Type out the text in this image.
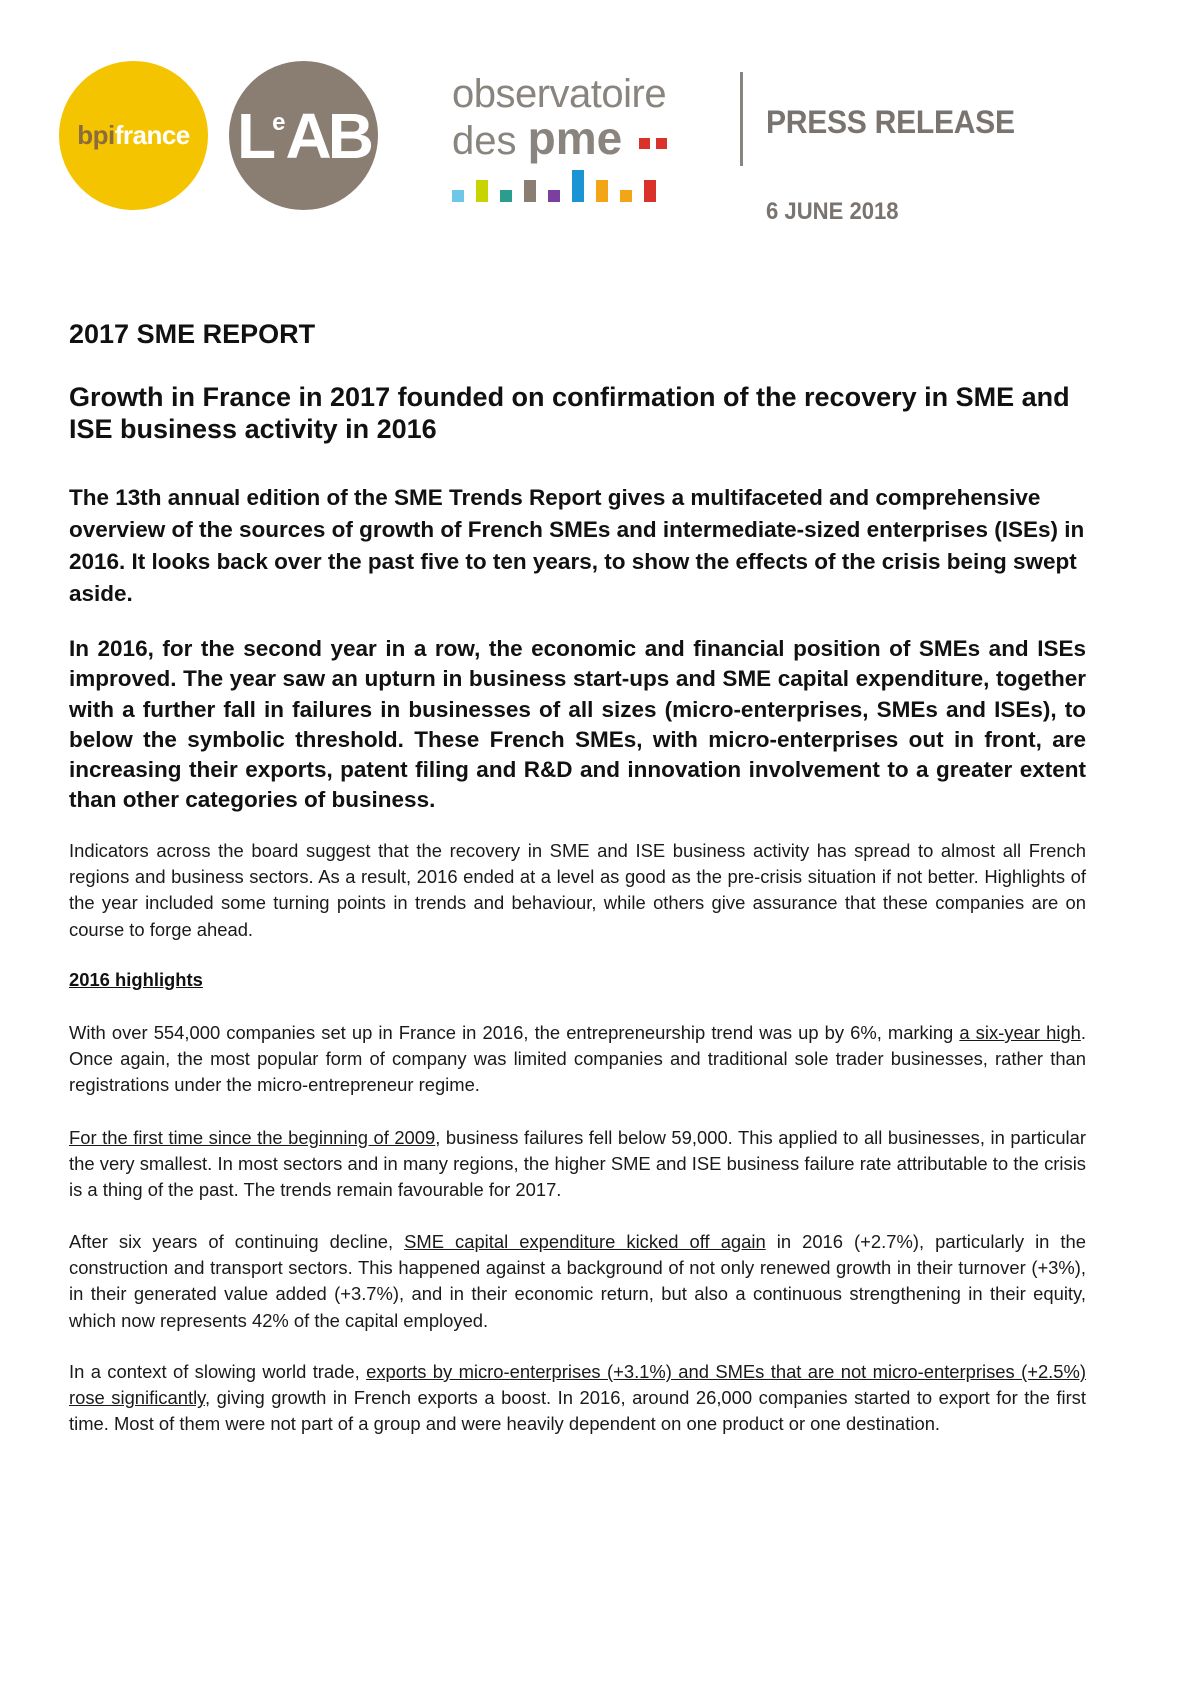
bpifrance LeAB
observatoire
des pme	PRESS RELEASE
6 JUNE 2018
2017 SME REPORT
Growth in France in 2017 founded on confirmation of the recovery in SME and ISE business activity in 2016
The 13th annual edition of the SME Trends Report gives a multifaceted and comprehensive overview of the sources of growth of French SMEs and intermediate-sized enterprises (ISEs) in 2016. It looks back over the past five to ten years, to show the effects of the crisis being swept aside.
In 2016, for the second year in a row, the economic and financial position of SMEs and ISEs improved. The year saw an upturn in business start-ups and SME capital expenditure, together with a further fall in failures in businesses of all sizes (micro-enterprises, SMEs and ISEs), to below the symbolic threshold. These French SMEs, with micro-enterprises out in front, are increasing their exports, patent filing and R&D and innovation involvement to a greater extent than other categories of business.
Indicators across the board suggest that the recovery in SME and ISE business activity has spread to almost all French regions and business sectors. As a result, 2016 ended at a level as good as the pre-crisis situation if not better. Highlights of the year included some turning points in trends and behaviour, while others give assurance that these companies are on course to forge ahead.
2016 highlights
With over 554,000 companies set up in France in 2016, the entrepreneurship trend was up by 6%, marking a six-year high. Once again, the most popular form of company was limited companies and traditional sole trader businesses, rather than registrations under the micro-entrepreneur regime.
For the first time since the beginning of 2009, business failures fell below 59,000. This applied to all businesses, in particular the very smallest. In most sectors and in many regions, the higher SME and ISE business failure rate attributable to the crisis is a thing of the past. The trends remain favourable for 2017.
After six years of continuing decline, SME capital expenditure kicked off again in 2016 (+2.7%), particularly in the construction and transport sectors. This happened against a background of not only renewed growth in their turnover (+3%), in their generated value added (+3.7%), and in their economic return, but also a continuous strengthening in their equity, which now represents 42% of the capital employed.
In a context of slowing world trade, exports by micro-enterprises (+3.1%) and SMEs that are not micro-enterprises (+2.5%) rose significantly, giving growth in French exports a boost. In 2016, around 26,000 companies started to export for the first time. Most of them were not part of a group and were heavily dependent on one product or one destination.
